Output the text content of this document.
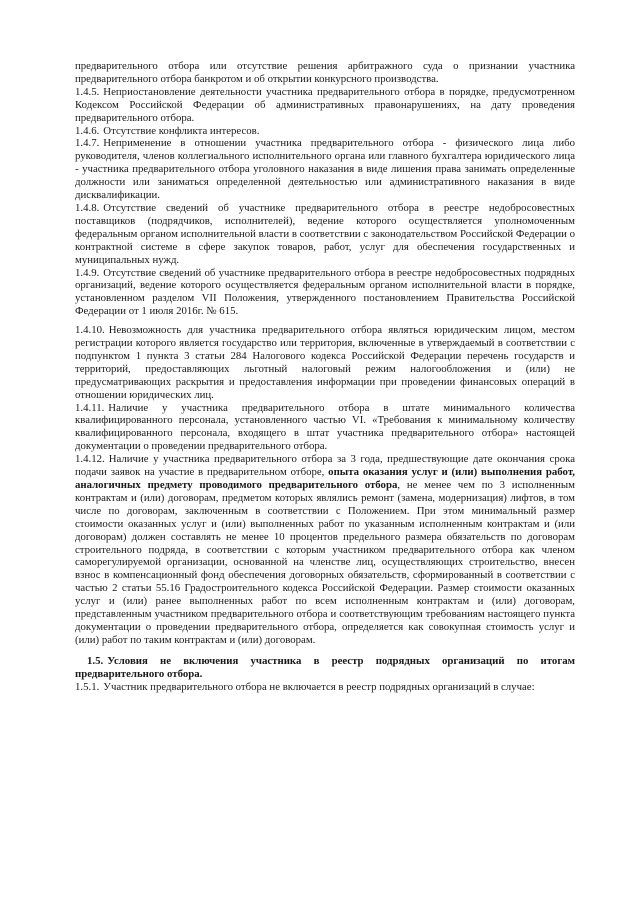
предварительного отбора или отсутствие решения арбитражного суда о признании участника предварительного отбора банкротом и об открытии конкурсного производства.

1.4.5. Неприостановление деятельности участника предварительного отбора в порядке, предусмотренном Кодексом Российской Федерации об административных правонарушениях, на дату проведения предварительного отбора.

1.4.6. Отсутствие конфликта интересов.

1.4.7. Неприменение в отношении участника предварительного отбора - физического лица либо руководителя, членов коллегиального исполнительного органа или главного бухгалтера юридического лица - участника предварительного отбора уголовного наказания в виде лишения права занимать определенные должности или заниматься определенной деятельностью или административного наказания в виде дисквалификации.

1.4.8. Отсутствие сведений об участнике предварительного отбора в реестре недобросовестных поставщиков (подрядчиков, исполнителей), ведение которого осуществляется уполномоченным федеральным органом исполнительной власти в соответствии с законодательством Российской Федерации о контрактной системе в сфере закупок товаров, работ, услуг для обеспечения государственных и муниципальных нужд.

1.4.9. Отсутствие сведений об участнике предварительного отбора в реестре недобросовестных подрядных организаций, ведение которого осуществляется федеральным органом исполнительной власти в порядке, установленном разделом VII Положения, утвержденного постановлением Правительства Российской Федерации от 1 июля 2016г. № 615.

1.4.10. Невозможность для участника предварительного отбора являться юридическим лицом, местом регистрации которого является государство или территория, включенные в утверждаемый в соответствии с подпунктом 1 пункта 3 статьи 284 Налогового кодекса Российской Федерации перечень государств и территорий, предоставляющих льготный налоговый режим налогообложения и (или) не предусматривающих раскрытия и предоставления информации при проведении финансовых операций в отношении юридических лиц.

1.4.11. Наличие у участника предварительного отбора в штате минимального количества квалифицированного персонала, установленного частью VI. «Требования к минимальному количеству квалифицированного персонала, входящего в штат участника предварительного отбора» настоящей документации о проведении предварительного отбора.

1.4.12. Наличие у участника предварительного отбора за 3 года, предшествующие дате окончания срока подачи заявок на участие в предварительном отборе, опыта оказания услуг и (или) выполнения работ, аналогичных предмету проводимого предварительного отбора, не менее чем по 3 исполненным контрактам и (или) договорам, предметом которых являлись ремонт (замена, модернизация) лифтов, в том числе по договорам, заключенным в соответствии с Положением. При этом минимальный размер стоимости оказанных услуг и (или) выполненных работ по указанным исполненным контрактам и (или договорам) должен составлять не менее 10 процентов предельного размера обязательств по договорам строительного подряда, в соответствии с которым участником предварительного отбора как членом саморегулируемой организации, основанной на членстве лиц, осуществляющих строительство, внесен взнос в компенсационный фонд обеспечения договорных обязательств, сформированный в соответствии с частью 2 статьи 55.16 Градостроительного кодекса Российской Федерации. Размер стоимости оказанных услуг и (или) ранее выполненных работ по всем исполненным контрактам и (или) договорам, представленным участником предварительного отбора и соответствующим требованиям настоящего пункта документации о проведении предварительного отбора, определяется как совокупная стоимость услуг и (или) работ по таким контрактам и (или) договорам.

1.5. Условия не включения участника в реестр подрядных организаций по итогам предварительного отбора.

1.5.1. Участник предварительного отбора не включается в реестр подрядных организаций в случае:
